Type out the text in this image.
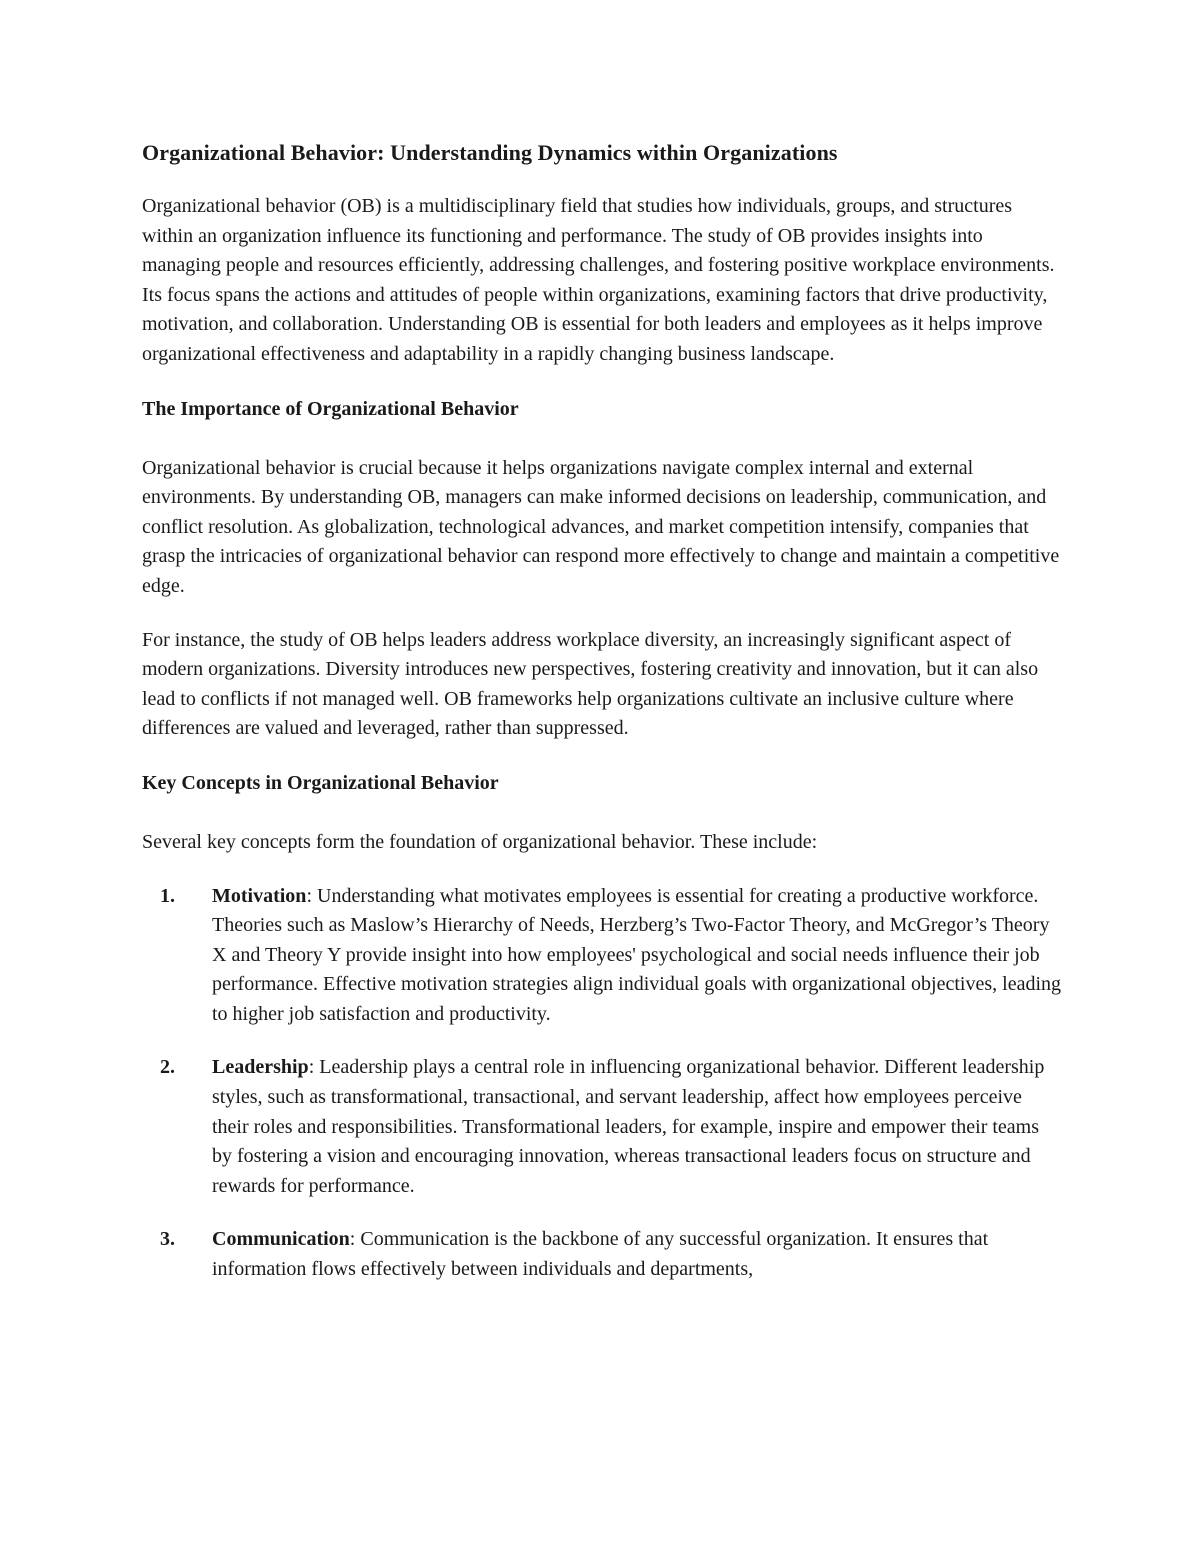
Organizational Behavior: Understanding Dynamics within Organizations

Organizational behavior (OB) is a multidisciplinary field that studies how individuals, groups, and structures within an organization influence its functioning and performance. The study of OB provides insights into managing people and resources efficiently, addressing challenges, and fostering positive workplace environments. Its focus spans the actions and attitudes of people within organizations, examining factors that drive productivity, motivation, and collaboration. Understanding OB is essential for both leaders and employees as it helps improve organizational effectiveness and adaptability in a rapidly changing business landscape.

The Importance of Organizational Behavior

Organizational behavior is crucial because it helps organizations navigate complex internal and external environments. By understanding OB, managers can make informed decisions on leadership, communication, and conflict resolution. As globalization, technological advances, and market competition intensify, companies that grasp the intricacies of organizational behavior can respond more effectively to change and maintain a competitive edge.

For instance, the study of OB helps leaders address workplace diversity, an increasingly significant aspect of modern organizations. Diversity introduces new perspectives, fostering creativity and innovation, but it can also lead to conflicts if not managed well. OB frameworks help organizations cultivate an inclusive culture where differences are valued and leveraged, rather than suppressed.

Key Concepts in Organizational Behavior

Several key concepts form the foundation of organizational behavior. These include:

1. Motivation: Understanding what motivates employees is essential for creating a productive workforce. Theories such as Maslow’s Hierarchy of Needs, Herzberg’s Two-Factor Theory, and McGregor’s Theory X and Theory Y provide insight into how employees' psychological and social needs influence their job performance. Effective motivation strategies align individual goals with organizational objectives, leading to higher job satisfaction and productivity.
2. Leadership: Leadership plays a central role in influencing organizational behavior. Different leadership styles, such as transformational, transactional, and servant leadership, affect how employees perceive their roles and responsibilities. Transformational leaders, for example, inspire and empower their teams by fostering a vision and encouraging innovation, whereas transactional leaders focus on structure and rewards for performance.
3. Communication: Communication is the backbone of any successful organization. It ensures that information flows effectively between individuals and departments,
